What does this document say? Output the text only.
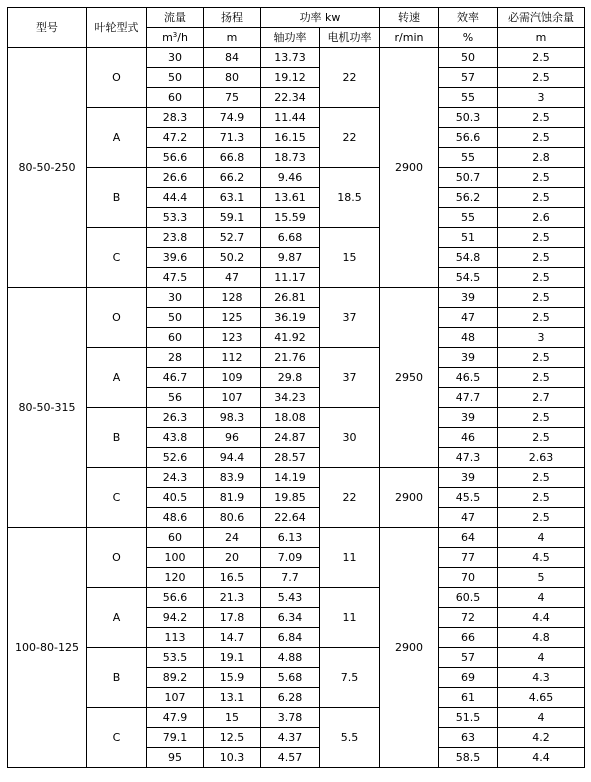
型号	叶轮型式	流量	扬程	功率 kw		转速	效率	必需汽蚀余量
		$m^3/h$	m	轴功率	电机功率	r/min	%	m
80-50-250	O	30	84	13.73	22	2900	50	2.5
		50	80	19.12			57	2.5
		60	75	22.34			55	3
	A	28.3	74.9	11.44	22		50.3	2.5
		47.2	71.3	16.15			56.6	2.5
		56.6	66.8	18.73			55	2.8
	B	26.6	66.2	9.46	18.5		50.7	2.5
		44.4	63.1	13.61			56.2	2.5
		53.3	59.1	15.59			55	2.6
	C	23.8	52.7	6.68	15		51	2.5
		39.6	50.2	9.87			54.8	2.5
		47.5	47	11.17			54.5	2.5
80-50-315	O	30	128	26.81	37	2950	39	2.5
		50	125	36.19			47	2.5
		60	123	41.92			48	3
	A	28	112	21.76	37		39	2.5
		46.7	109	29.8			46.5	2.5
		56	107	34.23			47.7	2.7
	B	26.3	98.3	18.08	30		39	2.5
		43.8	96	24.87			46	2.5
		52.6	94.4	28.57			47.3	2.63
	C	24.3	83.9	14.19	22	2900	39	2.5
		40.5	81.9	19.85			45.5	2.5
		48.6	80.6	22.64			47	2.5
100-80-125	O	60	24	6.13	11	2900	64	4
		100	20	7.09			77	4.5
		120	16.5	7.7			70	5
	A	56.6	21.3	5.43	11		60.5	4
		94.2	17.8	6.34			72	4.4
		113	14.7	6.84			66	4.8
	B	53.5	19.1	4.88	7.5		57	4
		89.2	15.9	5.68			69	4.3
		107	13.1	6.28			61	4.65
	C	47.9	15	3.78	5.5		51.5	4
		79.1	12.5	4.37			63	4.2
		95	10.3	4.57			58.5	4.4
